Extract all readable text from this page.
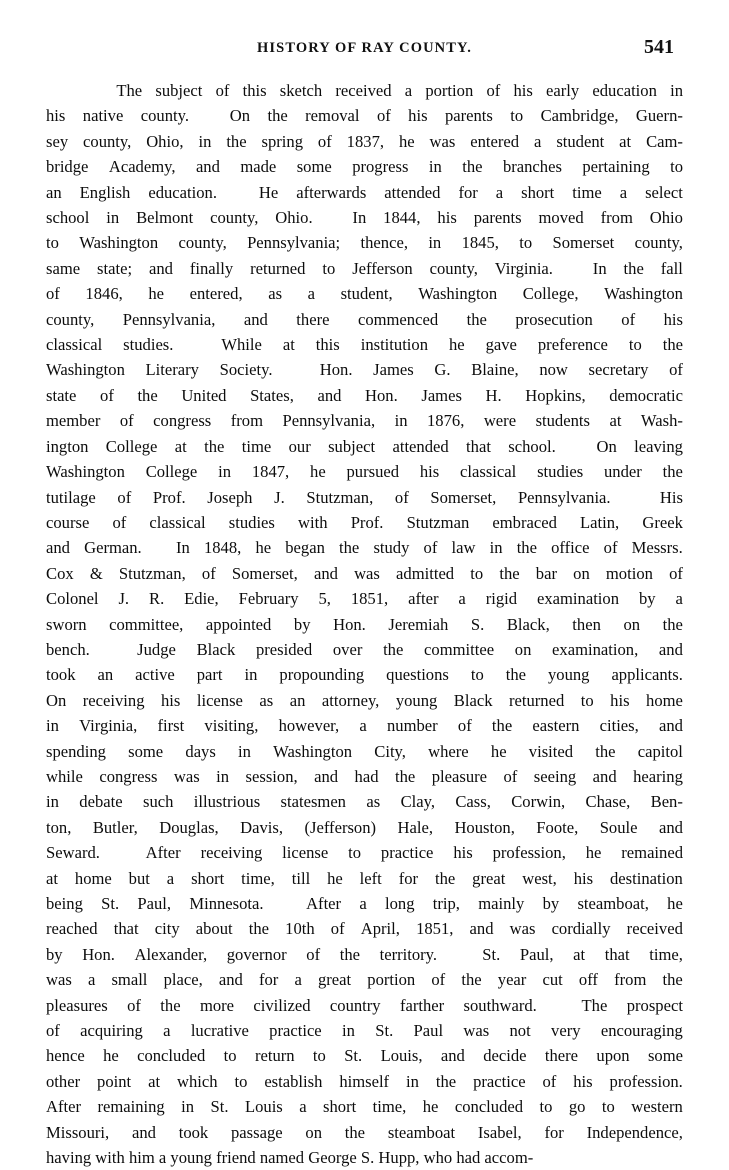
HISTORY OF RAY COUNTY.	541

The subject of this sketch received a portion of his early education in
his native county. On the removal of his parents to Cambridge, Guern-
sey county, Ohio, in the spring of 1837, he was entered a student at Cam-
bridge Academy, and made some progress in the branches pertaining to
an English education.	He afterwards attended for a short time a select
school in Belmont county, Ohio. In 1844, his parents moved from Ohio
to Washington county, Pennsylvania; thence, in 1845, to Somerset county,
same state; and finally returned to Jefferson county, Virginia. In the fall
of 1846, he entered, as a student, Washington College, Washington
county, Pennsylvania, and there commenced the prosecution of his
classical studies.	While at this institution he gave preference to the
Washington Literary Society.	Hon. James G. Blaine, now secretary of
state of the United States, and Hon. James H. Hopkins, democratic
member of congress from Pennsylvania, in 1876, were students at Wash-
ington College at the time our subject attended that school. On leaving
Washington College in 1847, he pursued his classical studies under the
tutilage of Prof. Joseph J. Stutzman, of Somerset, Pennsylvania.	His
course of classical studies with Prof. Stutzman embraced Latin, Greek
and German. In 1848, he began the study of law in the office of Messrs.
Cox & Stutzman, of Somerset, and was admitted to the bar on motion of
Colonel J. R. Edie, February 5, 1851, after a rigid examination by a
sworn committee, appointed by Hon. Jeremiah S. Black, then on the
bench.	Judge Black presided over the committee on examination, and
took an active part in propounding questions to the young applicants.
On receiving his license as an attorney, young Black returned to his home
in Virginia, first visiting, however, a number of the eastern cities, and
spending some days in Washington City, where he visited the capitol
while congress was in session, and had the pleasure of seeing and hearing
in debate such illustrious statesmen as Clay, Cass, Corwin, Chase, Ben-
ton, Butler, Douglas, Davis, (Jefferson) Hale, Houston, Foote, Soule and
Seward.	After receiving license to practice his profession, he remained
at home but a short time, till he left for the great west, his destination
being St. Paul, Minnesota.	After a long trip, mainly by steamboat, he
reached that city about the 10th of April, 1851, and was cordially received
by Hon. Alexander, governor of the territory.	St. Paul, at that time,
was a small place, and for a great portion of the year cut off from the
pleasures of the more civilized country farther southward.	The prospect
of acquiring a lucrative practice in St. Paul was not very encouraging
hence he concluded to return to St. Louis, and decide there upon some
other point at which to establish himself in the practice of his profession.
After remaining in St. Louis a short time, he concluded to go to western
Missouri, and took passage on the steamboat Isabel, for Independence,
having with him a young friend named George S. Hupp, who had accom-
